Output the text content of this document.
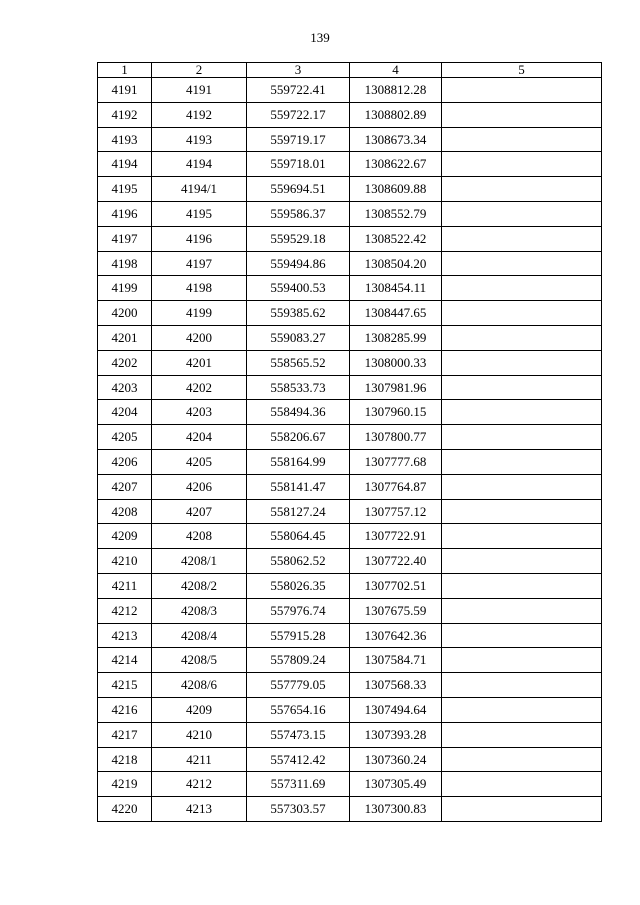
139
1	2	3	4	5
4191	4191	559722.41	1308812.28	
4192	4192	559722.17	1308802.89	
4193	4193	559719.17	1308673.34	
4194	4194	559718.01	1308622.67	
4195	4194/1	559694.51	1308609.88	
4196	4195	559586.37	1308552.79	
4197	4196	559529.18	1308522.42	
4198	4197	559494.86	1308504.20	
4199	4198	559400.53	1308454.11	
4200	4199	559385.62	1308447.65	
4201	4200	559083.27	1308285.99	
4202	4201	558565.52	1308000.33	
4203	4202	558533.73	1307981.96	
4204	4203	558494.36	1307960.15	
4205	4204	558206.67	1307800.77	
4206	4205	558164.99	1307777.68	
4207	4206	558141.47	1307764.87	
4208	4207	558127.24	1307757.12	
4209	4208	558064.45	1307722.91	
4210	4208/1	558062.52	1307722.40	
4211	4208/2	558026.35	1307702.51	
4212	4208/3	557976.74	1307675.59	
4213	4208/4	557915.28	1307642.36	
4214	4208/5	557809.24	1307584.71	
4215	4208/6	557779.05	1307568.33	
4216	4209	557654.16	1307494.64	
4217	4210	557473.15	1307393.28	
4218	4211	557412.42	1307360.24	
4219	4212	557311.69	1307305.49	
4220	4213	557303.57	1307300.83	
